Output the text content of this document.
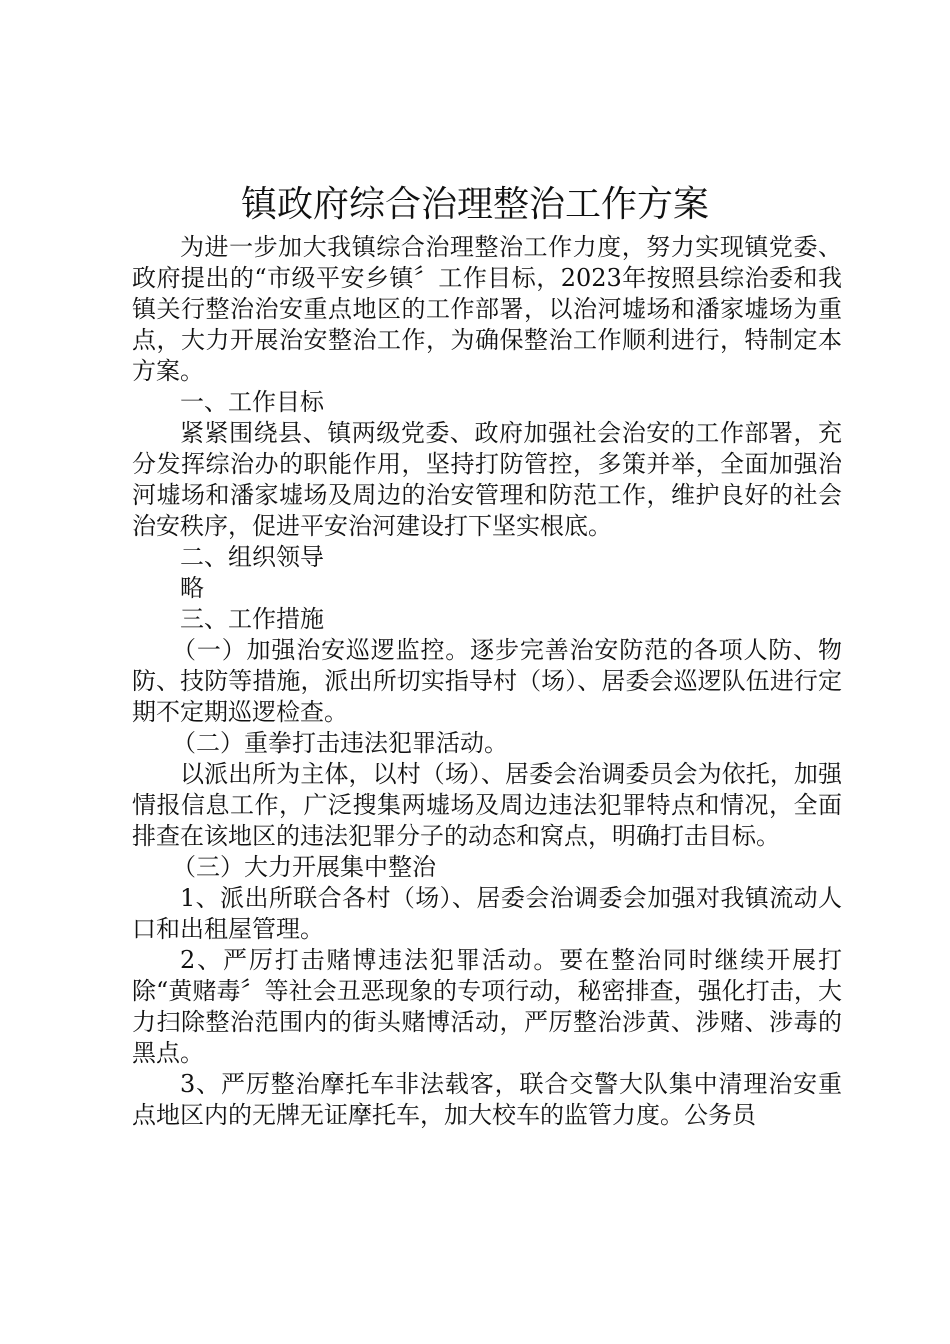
镇政府综合治理整治工作方案

为进一步加大我镇综合治理整治工作力度，努力实现镇党委、政府提出的“市级平安乡镇〞工作目标，2023年按照县综治委和我镇关行整治治安重点地区的工作部署，以治河墟场和潘家墟场为重点，大力开展治安整治工作，为确保整治工作顺利进行，特制定本方案。

一、工作目标

紧紧围绕县、镇两级党委、政府加强社会治安的工作部署，充分发挥综治办的职能作用，坚持打防管控，多策并举，全面加强治河墟场和潘家墟场及周边的治安管理和防范工作，维护良好的社会治安秩序，促进平安治河建设打下坚实根底。

二、组织领导

略

三、工作措施

（一）加强治安巡逻监控。逐步完善治安防范的各项人防、物防、技防等措施，派出所切实指导村（场）、居委会巡逻队伍进行定期不定期巡逻检查。

（二）重拳打击违法犯罪活动。

以派出所为主体，以村（场）、居委会治调委员会为依托，加强情报信息工作，广泛搜集两墟场及周边违法犯罪特点和情况，全面排查在该地区的违法犯罪分子的动态和窝点，明确打击目标。

（三）大力开展集中整治

1、派出所联合各村（场）、居委会治调委会加强对我镇流动人口和出租屋管理。

2、严厉打击赌博违法犯罪活动。要在整治同时继续开展打除“黄赌毒〞等社会丑恶现象的专项行动，秘密排查，强化打击，大力扫除整治范围内的街头赌博活动，严厉整治涉黄、涉赌、涉毒的黑点。

3、严厉整治摩托车非法载客，联合交警大队集中清理治安重点地区内的无牌无证摩托车，加大校车的监管力度。公务员
